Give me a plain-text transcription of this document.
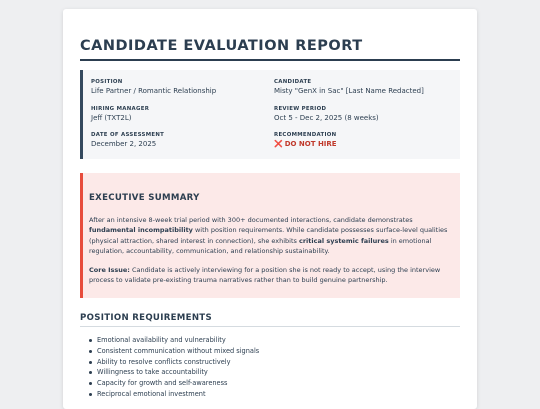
CANDIDATE EVALUATION REPORT
POSITION
Life Partner / Romantic Relationship
CANDIDATE
Misty "GenX in Sac" [Last Name Redacted]
HIRING MANAGER
Jeff (TXT2L)
REVIEW PERIOD
Oct 5 - Dec 2, 2025 (8 weeks)
DATE OF ASSESSMENT
December 2, 2025
RECOMMENDATION
❌ DO NOT HIRE
EXECUTIVE SUMMARY

After an intensive 8-week trial period with 300+ documented interactions, candidate demonstrates fundamental incompatibility with position requirements. While candidate possesses surface-level qualities (physical attraction, shared interest in connection), she exhibits critical systemic failures in emotional regulation, accountability, communication, and relationship sustainability.

Core Issue: Candidate is actively interviewing for a position she is not ready to accept, using the interview process to validate pre-existing trauma narratives rather than to build genuine partnership.

POSITION REQUIREMENTS
Emotional availability and vulnerability
Consistent communication without mixed signals
Ability to resolve conflicts constructively
Willingness to take accountability
Capacity for growth and self-awareness
Reciprocal emotional investment
